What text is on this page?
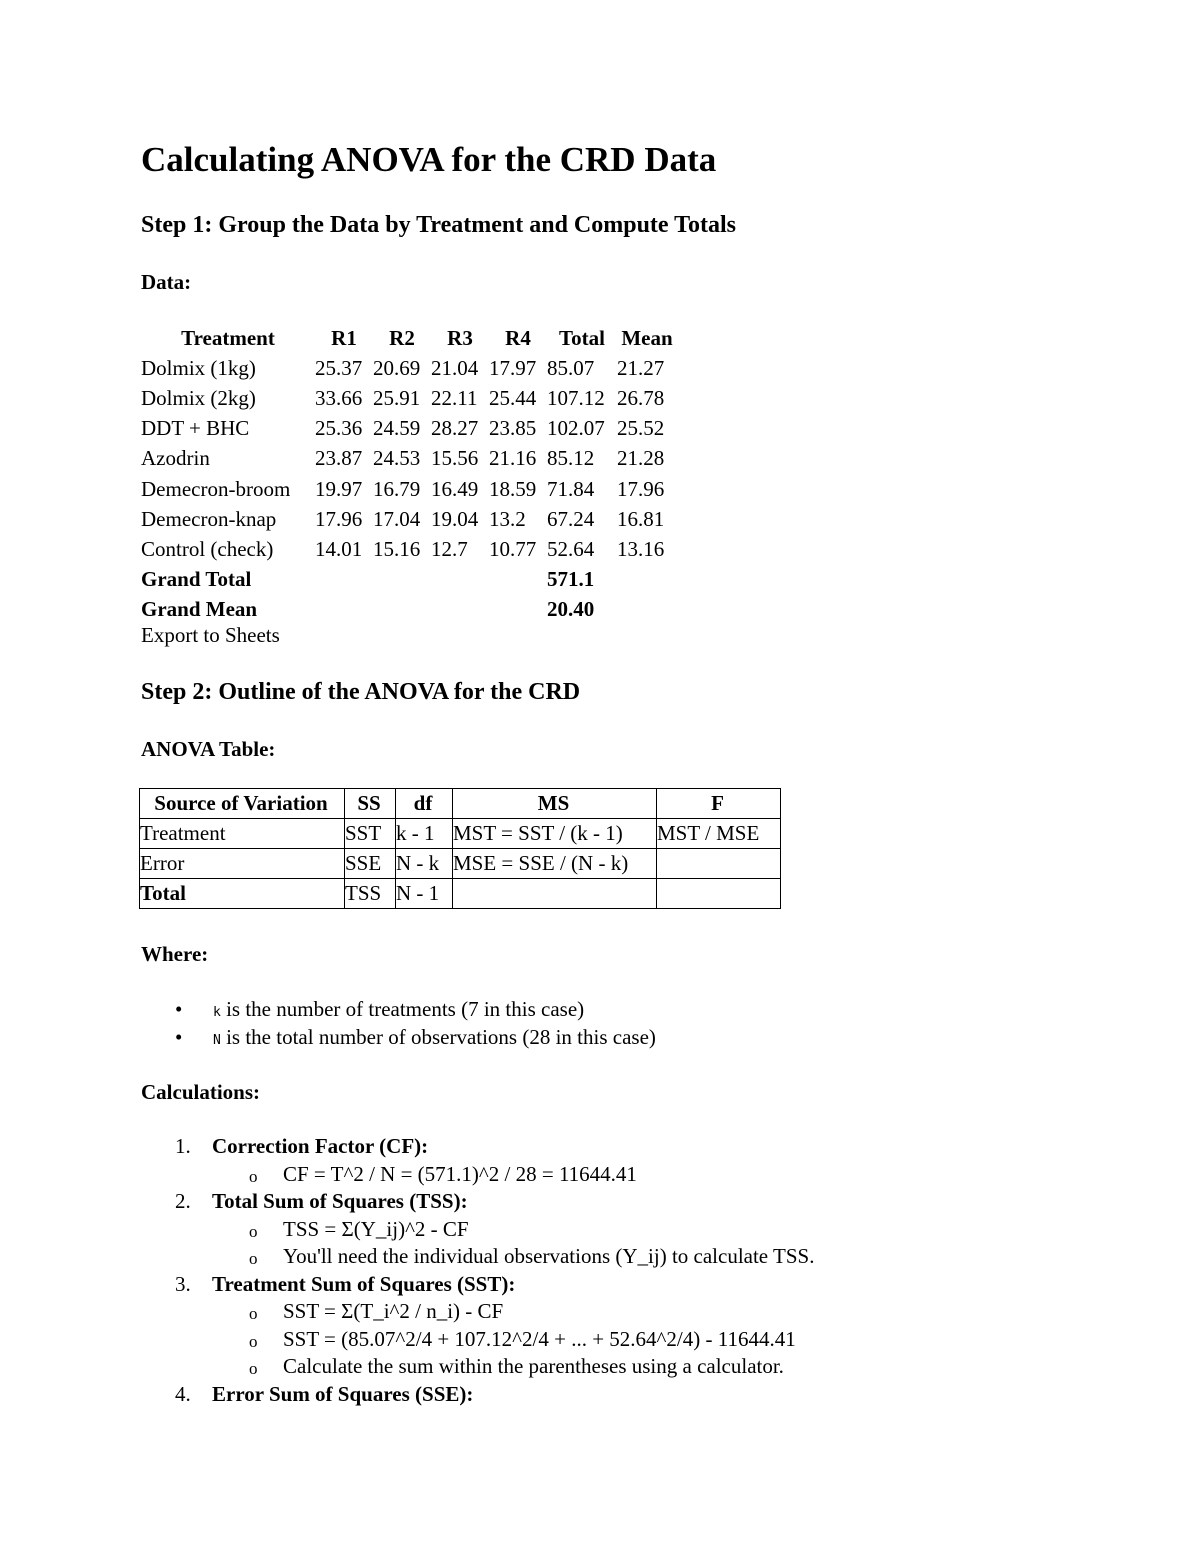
Calculating ANOVA for the CRD Data
Step 1: Group the Data by Treatment and Compute Totals
Data:
Treatment	R1	R2	R3	R4	Total	Mean
Dolmix (1kg)	25.37	20.69	21.04	17.97	85.07	21.27
Dolmix (2kg)	33.66	25.91	22.11	25.44	107.12	26.78
DDT + BHC	25.36	24.59	28.27	23.85	102.07	25.52
Azodrin	23.87	24.53	15.56	21.16	85.12	21.28
Demecron-broom	19.97	16.79	16.49	18.59	71.84	17.96
Demecron-knap	17.96	17.04	19.04	13.2	67.24	16.81
Control (check)	14.01	15.16	12.7	10.77	52.64	13.16
Grand Total					571.1	
Grand Mean					20.40	
Export to Sheets
Step 2: Outline of the ANOVA for the CRD
ANOVA Table:
Source of Variation	SS	df	MS	F
Treatment	SST	k - 1	MST = SST / (k - 1)	MST / MSE
Error	SSE	N - k	MSE = SSE / (N - k)	
Total	TSS	N - 1		
Where:
• k is the number of treatments (7 in this case)
• N is the total number of observations (28 in this case)
Calculations:
1. Correction Factor (CF):
o CF = T^2 / N = (571.1)^2 / 28 = 11644.41
2. Total Sum of Squares (TSS):
o TSS = Σ(Y_ij)^2 - CF
o You'll need the individual observations (Y_ij) to calculate TSS.
3. Treatment Sum of Squares (SST):
o SST = Σ(T_i^2 / n_i) - CF
o SST = (85.07^2/4 + 107.12^2/4 + ... + 52.64^2/4) - 11644.41
o Calculate the sum within the parentheses using a calculator.
4. Error Sum of Squares (SSE):
